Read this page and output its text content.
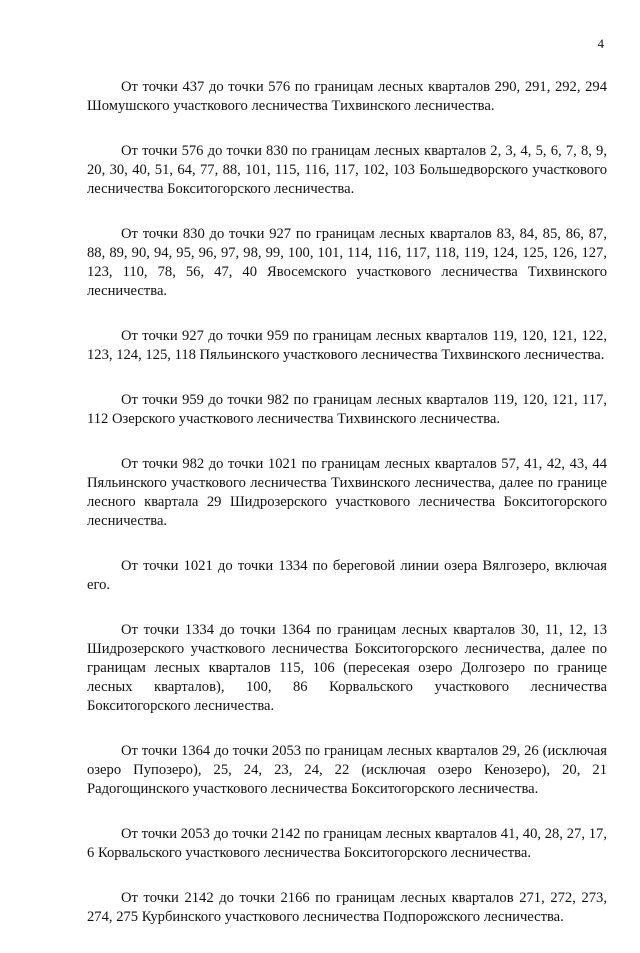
4

От точки 437 до точки 576 по границам лесных кварталов 290, 291, 292, 294 Шомушского участкового лесничества Тихвинского лесничества.

От точки 576 до точки 830 по границам лесных кварталов 2, 3, 4, 5, 6, 7, 8, 9, 20, 30, 40, 51, 64, 77, 88, 101, 115, 116, 117, 102, 103 Большедворского участкового лесничества Бокситогорского лесничества.

От точки 830 до точки 927 по границам лесных кварталов 83, 84, 85, 86, 87, 88, 89, 90, 94, 95, 96, 97, 98, 99, 100, 101, 114, 116, 117, 118, 119, 124, 125, 126, 127, 123, 110, 78, 56, 47, 40 Явосемского участкового лесничества Тихвинского лесничества.

От точки 927 до точки 959 по границам лесных кварталов 119, 120, 121, 122, 123, 124, 125, 118 Пяльинского участкового лесничества Тихвинского лесничества.

От точки 959 до точки 982 по границам лесных кварталов 119, 120, 121, 117, 112 Озерского участкового лесничества Тихвинского лесничества.

От точки 982 до точки 1021 по границам лесных кварталов 57, 41, 42, 43, 44 Пяльинского участкового лесничества Тихвинского лесничества, далее по границе лесного квартала 29 Шидрозерского участкового лесничества Бокситогорского лесничества.

От точки 1021 до точки 1334 по береговой линии озера Вялгозеро, включая его.

От точки 1334 до точки 1364 по границам лесных кварталов 30, 11, 12, 13 Шидрозерского участкового лесничества Бокситогорского лесничества, далее по границам лесных кварталов 115, 106 (пересекая озеро Долгозеро по границе лесных кварталов), 100, 86 Корвальского участкового лесничества Бокситогорского лесничества.

От точки 1364 до точки 2053 по границам лесных кварталов 29, 26 (исключая озеро Пупозеро), 25, 24, 23, 24, 22 (исключая озеро Кенозеро), 20, 21 Радогощинского участкового лесничества Бокситогорского лесничества.

От точки 2053 до точки 2142 по границам лесных кварталов 41, 40, 28, 27, 17, 6 Корвальского участкового лесничества Бокситогорского лесничества.

От точки 2142 до точки 2166 по границам лесных кварталов 271, 272, 273, 274, 275 Курбинского участкового лесничества Подпорожского лесничества.
